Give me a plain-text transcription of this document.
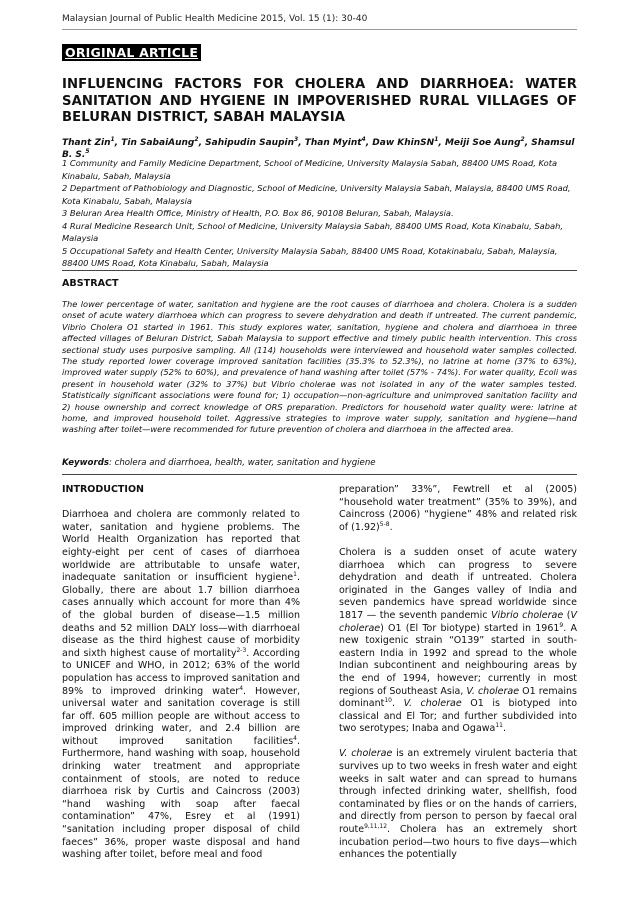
Malaysian Journal of Public Health Medicine 2015, Vol. 15 (1): 30-40
ORIGINAL ARTICLE
INFLUENCING FACTORS FOR CHOLERA AND DIARRHOEA: WATER SANITATION AND HYGIENE IN IMPOVERISHED RURAL VILLAGES OF BELURAN DISTRICT, SABAH MALAYSIA
Thant Zin$^1$, Tin SabaiAung$^2$, Sahipudin Saupin$^3$, Than Myint$^4$, Daw KhinSN$^1$, Meiji Soe Aung$^2$, Shamsul B. S.$^5$
1 Community and Family Medicine Department, School of Medicine, University Malaysia Sabah, 88400 UMS Road, Kota Kinabalu, Sabah, Malaysia
2 Department of Pathobiology and Diagnostic, School of Medicine, University Malaysia Sabah, Malaysia, 88400 UMS Road, Kota Kinabalu, Sabah, Malaysia
3 Beluran Area Health Office, Ministry of Health, P.O. Box 86, 90108 Beluran, Sabah, Malaysia.
4 Rural Medicine Research Unit, School of Medicine, University Malaysia Sabah, 88400 UMS Road, Kota Kinabalu, Sabah, Malaysia
5 Occupational Safety and Health Center, University Malaysia Sabah, 88400 UMS Road, Kotakinabalu, Sabah, Malaysia, 88400 UMS Road, Kota Kinabalu, Sabah, Malaysia
ABSTRACT
The lower percentage of water, sanitation and hygiene are the root causes of diarrhoea and cholera. Cholera is a sudden onset of acute watery diarrhoea which can progress to severe dehydration and death if untreated. The current pandemic, Vibrio Cholera O1 started in 1961. This study explores water, sanitation, hygiene and cholera and diarrhoea in three affected villages of Beluran District, Sabah Malaysia to support effective and timely public health intervention. This cross sectional study uses purposive sampling. All (114) households were interviewed and household water samples collected. The study reported lower coverage improved sanitation facilities (35.3% to 52.3%), no latrine at home (37% to 63%), improved water supply (52% to 60%), and prevalence of hand washing after toilet (57% - 74%). For water quality, Ecoli was present in household water (32% to 37%) but Vibrio cholerae was not isolated in any of the water samples tested. Statistically significant associations were found for; 1) occupation—non-agriculture and unimproved sanitation facility and 2) house ownership and correct knowledge of ORS preparation. Predictors for household water quality were: latrine at home, and improved household toilet. Aggressive strategies to improve water supply, sanitation and hygiene—hand washing after toilet—were recommended for future prevention of cholera and diarrhoea in the affected area.
Keywords: cholera and diarrhoea, health, water, sanitation and hygiene

INTRODUCTION

Diarrhoea and cholera are commonly related to water, sanitation and hygiene problems. The World Health Organization has reported that eighty-eight per cent of cases of diarrhoea worldwide are attributable to unsafe water, inadequate sanitation or insufficient hygiene$^1$. Globally, there are about 1.7 billion diarrhoea cases annually which account for more than 4% of the global burden of disease—1.5 million deaths and 52 million DALY loss—with diarrhoeal disease as the third highest cause of morbidity and sixth highest cause of mortality$^{2-3}$. According to UNICEF and WHO, in 2012; 63% of the world population has access to improved sanitation and 89% to improved drinking water$^4$. However, universal water and sanitation coverage is still far off. 605 million people are without access to improved drinking water, and 2.4 billion are without improved sanitation facilities$^4$. Furthermore, hand washing with soap, household drinking water treatment and appropriate containment of stools, are noted to reduce diarrhoea risk by Curtis and Caincross (2003) “hand washing with soap after faecal contamination” 47%, Esrey et al (1991) “sanitation including proper disposal of child faeces” 36%, proper waste disposal and hand washing after toilet, before meal and food

preparation” 33%”, Fewtrell et al (2005) “household water treatment” (35% to 39%), and Caincross (2006) “hygiene” 48% and related risk of $(1.92)^{5-8}$.

Cholera is a sudden onset of acute watery diarrhoea which can progress to severe dehydration and death if untreated. Cholera originated in the Ganges valley of India and seven pandemics have spread worldwide since 1817 — the seventh pandemic Vibrio cholerae (V cholerae) O1 (El Tor biotype) started in 1961$^9$. A new toxigenic strain “O139” started in south-eastern India in 1992 and spread to the whole Indian subcontinent and neighbouring areas by the end of 1994, however; currently in most regions of Southeast Asia, V. cholerae O1 remains dominant$^{10}$. V. cholerae O1 is biotyped into classical and El Tor; and further subdivided into two serotypes; Inaba and Ogawa$^{11}$.

V. cholerae is an extremely virulent bacteria that survives up to two weeks in fresh water and eight weeks in salt water and can spread to humans through infected drinking water, shellfish, food contaminated by flies or on the hands of carriers, and directly from person to person by faecal oral route$^{9,11,12}$. Cholera has an extremely short incubation period—two hours to five days—which enhances the potentially
